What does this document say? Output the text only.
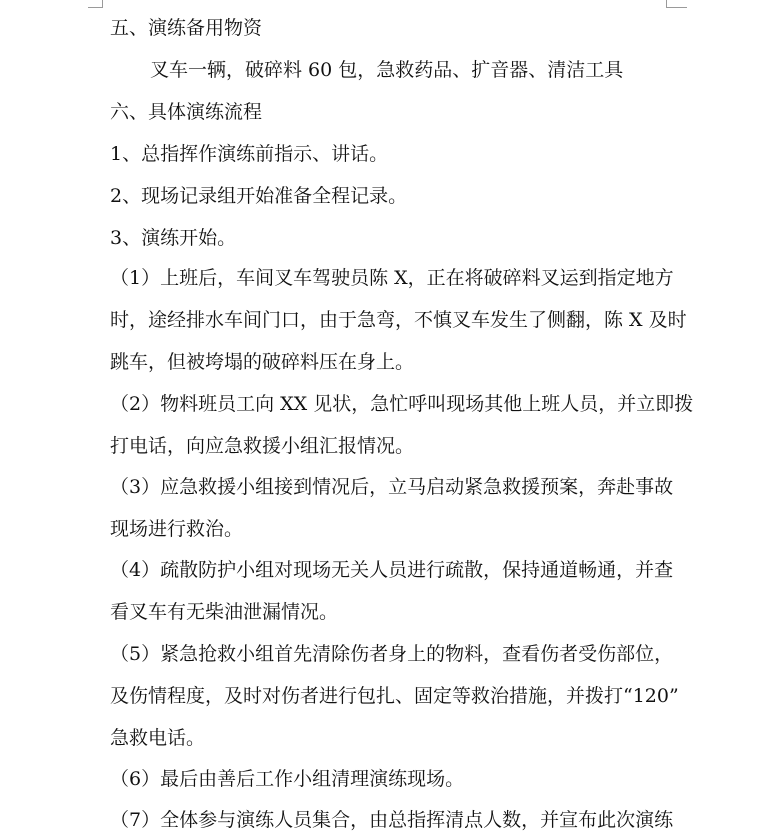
五、演练备用物资
叉车一辆，破碎料 60 包，急救药品、扩音器、清洁工具
六、具体演练流程
1、总指挥作演练前指示、讲话。
2、现场记录组开始准备全程记录。
3、演练开始。
（1）上班后，车间叉车驾驶员陈 X，正在将破碎料叉运到指定地方
时，途经排水车间门口，由于急弯，不慎叉车发生了侧翻，陈 X 及时
跳车，但被垮塌的破碎料压在身上。
（2）物料班员工向 XX 见状，急忙呼叫现场其他上班人员，并立即拨
打电话，向应急救援小组汇报情况。
（3）应急救援小组接到情况后，立马启动紧急救援预案，奔赴事故
现场进行救治。
（4）疏散防护小组对现场无关人员进行疏散，保持通道畅通，并查
看叉车有无柴油泄漏情况。
（5）紧急抢救小组首先清除伤者身上的物料，查看伤者受伤部位，
及伤情程度，及时对伤者进行包扎、固定等救治措施，并拨打“120”
急救电话。
（6）最后由善后工作小组清理演练现场。
（7）全体参与演练人员集合，由总指挥清点人数，并宣布此次演练
